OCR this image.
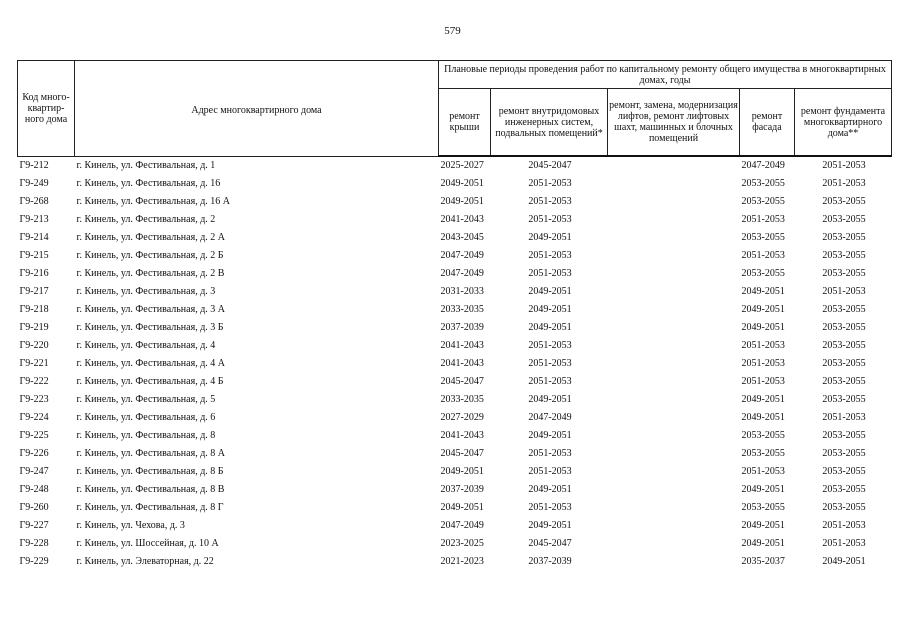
579
Код много-квартир-ного дома	Адрес многоквартирного дома	Плановые периоды проведения работ по капитальному ремонту общего имущества в многоквартирных домах, годы				
		ремонт крыши	ремонт внутридомовых инженерных систем, подвальных помещений*	ремонт, замена, модернизация лифтов, ремонт лифтовых шахт, машинных и блочных помещений	ремонт фасада	ремонт фундамента многоквартирного дома**
Г9-212	г. Кинель, ул. Фестивальная, д. 1	2025-2027	2045-2047		2047-2049	2051-2053
Г9-249	г. Кинель, ул. Фестивальная, д. 16	2049-2051	2051-2053		2053-2055	2051-2053
Г9-268	г. Кинель, ул. Фестивальная, д. 16 А	2049-2051	2051-2053		2053-2055	2053-2055
Г9-213	г. Кинель, ул. Фестивальная, д. 2	2041-2043	2051-2053		2051-2053	2053-2055
Г9-214	г. Кинель, ул. Фестивальная, д. 2 А	2043-2045	2049-2051		2053-2055	2053-2055
Г9-215	г. Кинель, ул. Фестивальная, д. 2 Б	2047-2049	2051-2053		2051-2053	2053-2055
Г9-216	г. Кинель, ул. Фестивальная, д. 2 В	2047-2049	2051-2053		2053-2055	2053-2055
Г9-217	г. Кинель, ул. Фестивальная, д. 3	2031-2033	2049-2051		2049-2051	2051-2053
Г9-218	г. Кинель, ул. Фестивальная, д. 3 А	2033-2035	2049-2051		2049-2051	2053-2055
Г9-219	г. Кинель, ул. Фестивальная, д. 3 Б	2037-2039	2049-2051		2049-2051	2053-2055
Г9-220	г. Кинель, ул. Фестивальная, д. 4	2041-2043	2051-2053		2051-2053	2053-2055
Г9-221	г. Кинель, ул. Фестивальная, д. 4 А	2041-2043	2051-2053		2051-2053	2053-2055
Г9-222	г. Кинель, ул. Фестивальная, д. 4 Б	2045-2047	2051-2053		2051-2053	2053-2055
Г9-223	г. Кинель, ул. Фестивальная, д. 5	2033-2035	2049-2051		2049-2051	2053-2055
Г9-224	г. Кинель, ул. Фестивальная, д. 6	2027-2029	2047-2049		2049-2051	2051-2053
Г9-225	г. Кинель, ул. Фестивальная, д. 8	2041-2043	2049-2051		2053-2055	2053-2055
Г9-226	г. Кинель, ул. Фестивальная, д. 8 А	2045-2047	2051-2053		2053-2055	2053-2055
Г9-247	г. Кинель, ул. Фестивальная, д. 8 Б	2049-2051	2051-2053		2051-2053	2053-2055
Г9-248	г. Кинель, ул. Фестивальная, д. 8 В	2037-2039	2049-2051		2049-2051	2053-2055
Г9-260	г. Кинель, ул. Фестивальная, д. 8 Г	2049-2051	2051-2053		2053-2055	2053-2055
Г9-227	г. Кинель, ул. Чехова, д. 3	2047-2049	2049-2051		2049-2051	2051-2053
Г9-228	г. Кинель, ул. Шоссейная, д. 10 А	2023-2025	2045-2047		2049-2051	2051-2053
Г9-229	г. Кинель, ул. Элеваторная, д. 22	2021-2023	2037-2039		2035-2037	2049-2051
